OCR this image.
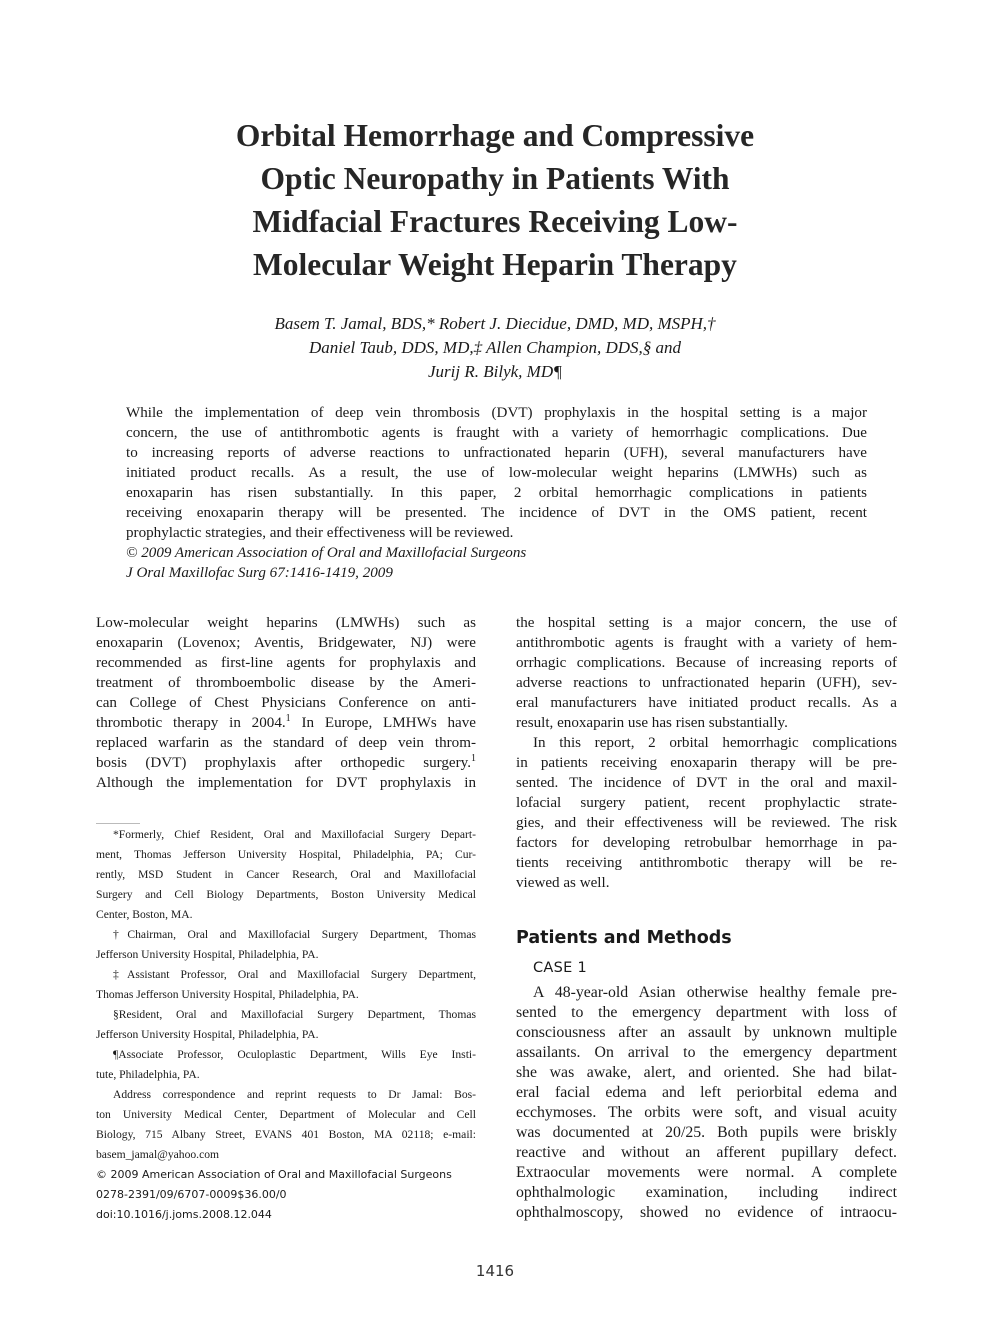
Orbital Hemorrhage and Compressive
Optic Neuropathy in Patients With
Midfacial Fractures Receiving Low-
Molecular Weight Heparin Therapy
Basem T. Jamal, BDS,* Robert J. Diecidue, DMD, MD, MSPH,†
Daniel Taub, DDS, MD,‡ Allen Champion, DDS,§ and
Jurij R. Bilyk, MD¶
While the implementation of deep vein thrombosis (DVT) prophylaxis in the hospital setting is a major
concern, the use of antithrombotic agents is fraught with a variety of hemorrhagic complications. Due
to increasing reports of adverse reactions to unfractionated heparin (UFH), several manufacturers have
initiated product recalls. As a result, the use of low-molecular weight heparins (LMWHs) such as
enoxaparin has risen substantially. In this paper, 2 orbital hemorrhagic complications in patients
receiving enoxaparin therapy will be presented. The incidence of DVT in the OMS patient, recent
prophylactic strategies, and their effectiveness will be reviewed.
© 2009 American Association of Oral and Maxillofacial Surgeons
J Oral Maxillofac Surg 67:1416-1419, 2009
Low-molecular weight heparins (LMWHs) such as
enoxaparin (Lovenox; Aventis, Bridgewater, NJ) were
recommended as first-line agents for prophylaxis and
treatment of thromboembolic disease by the Ameri-
can College of Chest Physicians Conference on anti-
thrombotic therapy in 2004.$^1$ In Europe, LMHWs have
replaced warfarin as the standard of deep vein throm-
bosis (DVT) prophylaxis after orthopedic surgery.$^1$
Although the implementation for DVT prophylaxis in
*Formerly, Chief Resident, Oral and Maxillofacial Surgery Depart-
ment, Thomas Jefferson University Hospital, Philadelphia, PA; Cur-
rently, MSD Student in Cancer Research, Oral and Maxillofacial
Surgery and Cell Biology Departments, Boston University Medical
Center, Boston, MA.
†Chairman, Oral and Maxillofacial Surgery Department, Thomas
Jefferson University Hospital, Philadelphia, PA.
‡Assistant Professor, Oral and Maxillofacial Surgery Department,
Thomas Jefferson University Hospital, Philadelphia, PA.
§Resident, Oral and Maxillofacial Surgery Department, Thomas
Jefferson University Hospital, Philadelphia, PA.
¶Associate Professor, Oculoplastic Department, Wills Eye Insti-
tute, Philadelphia, PA.
Address correspondence and reprint requests to Dr Jamal: Bos-
ton University Medical Center, Department of Molecular and Cell
Biology, 715 Albany Street, EVANS 401 Boston, MA 02118; e-mail:
basem_jamal@yahoo.com
© 2009 American Association of Oral and Maxillofacial Surgeons
0278-2391/09/6707-0009$36.00/0
doi:10.1016/j.joms.2008.12.044
the hospital setting is a major concern, the use of
antithrombotic agents is fraught with a variety of hem-
orrhagic complications. Because of increasing reports of
adverse reactions to unfractionated heparin (UFH), sev-
eral manufacturers have initiated product recalls. As a
result, enoxaparin use has risen substantially.
In this report, 2 orbital hemorrhagic complications
in patients receiving enoxaparin therapy will be pre-
sented. The incidence of DVT in the oral and maxil-
lofacial surgery patient, recent prophylactic strate-
gies, and their effectiveness will be reviewed. The risk
factors for developing retrobulbar hemorrhage in pa-
tients receiving antithrombotic therapy will be re-
viewed as well.
Patients and Methods
CASE 1
A 48-year-old Asian otherwise healthy female pre-
sented to the emergency department with loss of
consciousness after an assault by unknown multiple
assailants. On arrival to the emergency department
she was awake, alert, and oriented. She had bilat-
eral facial edema and left periorbital edema and
ecchymoses. The orbits were soft, and visual acuity
was documented at 20/25. Both pupils were briskly
reactive and without an afferent pupillary defect.
Extraocular movements were normal. A complete
ophthalmologic examination, including indirect
ophthalmoscopy, showed no evidence of intraocu-
1416
